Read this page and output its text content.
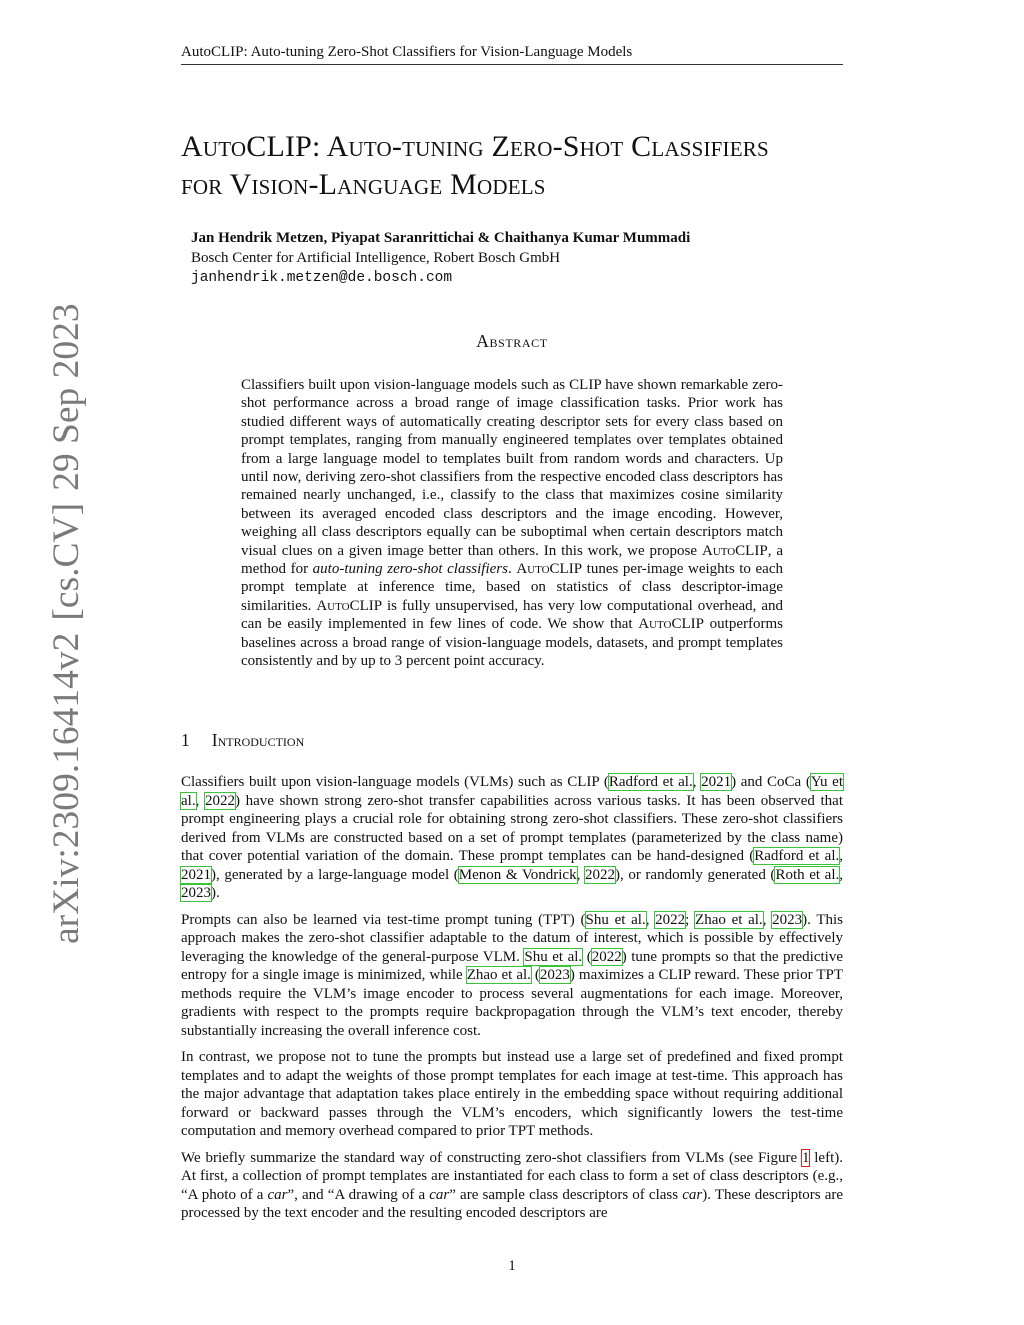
AutoCLIP: Auto-tuning Zero-Shot Classifiers for Vision-Language Models
arXiv:2309.16414v2[cs.CV]29 Sep 2023
AutoCLIP: Auto-tuning Zero-Shot Classifiers
for Vision-Language Models
Jan Hendrik Metzen, Piyapat Saranrittichai & Chaithanya Kumar Mummadi
Bosch Center for Artificial Intelligence, Robert Bosch GmbH
janhendrik.metzen@de.bosch.com
Abstract

Classifiers built upon vision-language models such as CLIP have shown remarkable zero-shot performance across a broad range of image classification tasks. Prior work has studied different ways of automatically creating descriptor sets for every class based on prompt templates, ranging from manually engineered templates over templates obtained from a large language model to templates built from random words and characters. Up until now, deriving zero-shot classifiers from the respective encoded class descriptors has remained nearly unchanged, i.e., classify to the class that maximizes cosine similarity between its averaged encoded class descriptors and the image encoding. However, weighing all class descriptors equally can be suboptimal when certain descriptors match visual clues on a given image better than others. In this work, we propose AutoCLIP, a method for auto-tuning zero-shot classifiers. AutoCLIP tunes per-image weights to each prompt template at inference time, based on statistics of class descriptor-image similarities. AutoCLIP is fully unsupervised, has very low computational overhead, and can be easily implemented in few lines of code. We show that AutoCLIP outperforms baselines across a broad range of vision-language models, datasets, and prompt templates consistently and by up to 3 percent point accuracy.

1 Introduction

Classifiers built upon vision-language models (VLMs) such as CLIP (Radford et al., 2021) and CoCa (Yu et al., 2022) have shown strong zero-shot transfer capabilities across various tasks. It has been observed that prompt engineering plays a crucial role for obtaining strong zero-shot classifiers. These zero-shot classifiers derived from VLMs are constructed based on a set of prompt templates (parameterized by the class name) that cover potential variation of the domain. These prompt templates can be hand-designed (Radford et al., 2021), generated by a large-language model (Menon & Vondrick, 2022), or randomly generated (Roth et al., 2023).

Prompts can also be learned via test-time prompt tuning (TPT) (Shu et al., 2022; Zhao et al., 2023). This approach makes the zero-shot classifier adaptable to the datum of interest, which is possible by effectively leveraging the knowledge of the general-purpose VLM. Shu et al. (2022) tune prompts so that the predictive entropy for a single image is minimized, while Zhao et al. (2023) maximizes a CLIP reward. These prior TPT methods require the VLM’s image encoder to process several augmentations for each image. Moreover, gradients with respect to the prompts require backpropagation through the VLM’s text encoder, thereby substantially increasing the overall inference cost.

In contrast, we propose not to tune the prompts but instead use a large set of predefined and fixed prompt templates and to adapt the weights of those prompt templates for each image at test-time. This approach has the major advantage that adaptation takes place entirely in the embedding space without requiring additional forward or backward passes through the VLM’s encoders, which significantly lowers the test-time computation and memory overhead compared to prior TPT methods.

We briefly summarize the standard way of constructing zero-shot classifiers from VLMs (see Figure 1 left). At first, a collection of prompt templates are instantiated for each class to form a set of class descriptors (e.g., “A photo of a car”, and “A drawing of a car” are sample class descriptors of class car). These descriptors are processed by the text encoder and the resulting encoded descriptors are

1
